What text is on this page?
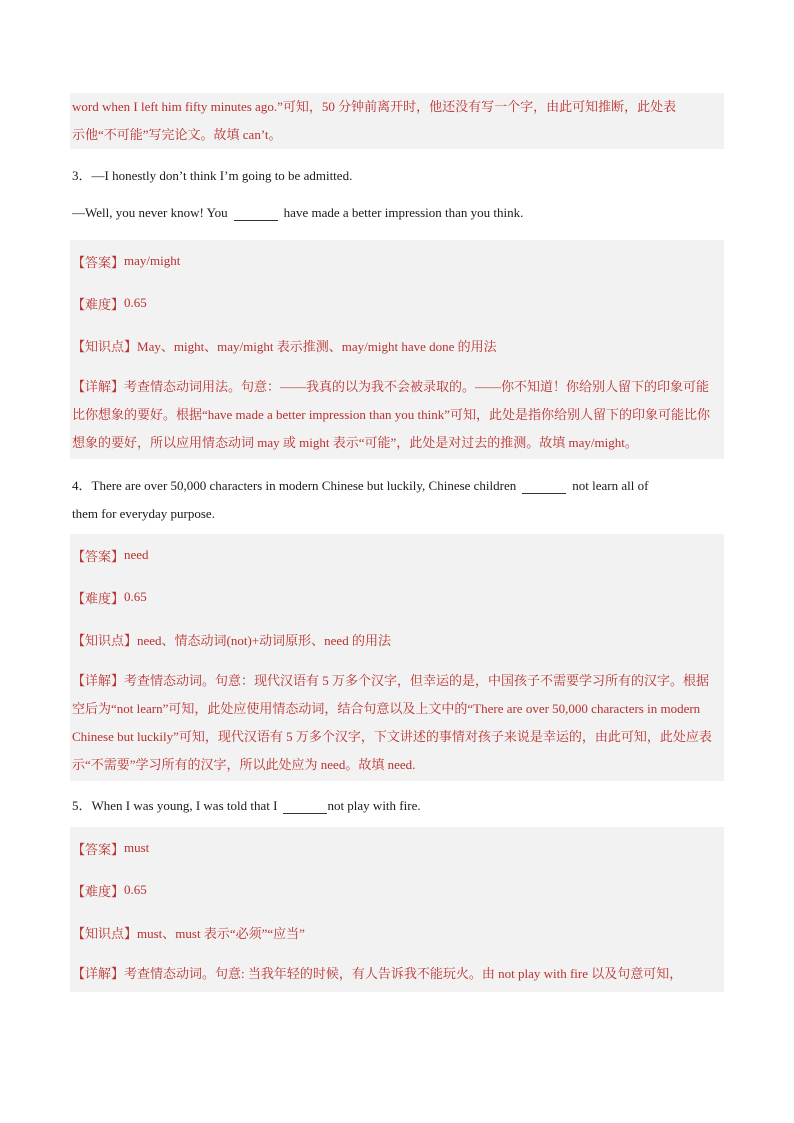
word when I left him fifty minutes ago.”可知，50 分钟前离开时，他还没有写一个字，由此可知推断，此处表
示他“不可能”写完论文。故填 can’t。
3．—I honestly don’t think I’m going to be admitted.
—Well, you never know! You	have made a better impression than you think.
【答案】 may/might
【难度】 0.65
【知识点】 May、might、may/might 表示推测、may/might have done 的用法
【详解】考查情态动词用法。句意：——我真的以为我不会被录取的。——你不知道！你给别人留下的印象可能比你想象的要好。根据“have made a better impression than you think”可知，此处是指你给别人留下的印象可能比你想象的要好，所以应用情态动词 may 或 might 表示“可能”，此处是对过去的推测。故填 may/might。
4．There are over 50,000 characters in modern Chinese but luckily, Chinese children	not learn all of
them for everyday purpose.
【答案】 need
【难度】 0.65
【知识点】 need、情态动词(not)+动词原形、need 的用法
【详解】考查情态动词。句意：现代汉语有 5 万多个汉字，但幸运的是，中国孩子不需要学习所有的汉字。根据空后为“not learn”可知，此处应使用情态动词，结合句意以及上文中的“There are over 50,000 characters in modern Chinese but luckily”可知，现代汉语有 5 万多个汉字，下文讲述的事情对孩子来说是幸运的，由此可知，此处应表示“不需要”学习所有的汉字，所以此处应为 need。故填 need.
5．When I was young, I was told that I	not play with fire.
【答案】 must
【难度】 0.65
【知识点】 must、must 表示“必须”“应当”
【详解】考查情态动词。句意: 当我年轻的时候，有人告诉我不能玩火。由 not play with fire 以及句意可知，
